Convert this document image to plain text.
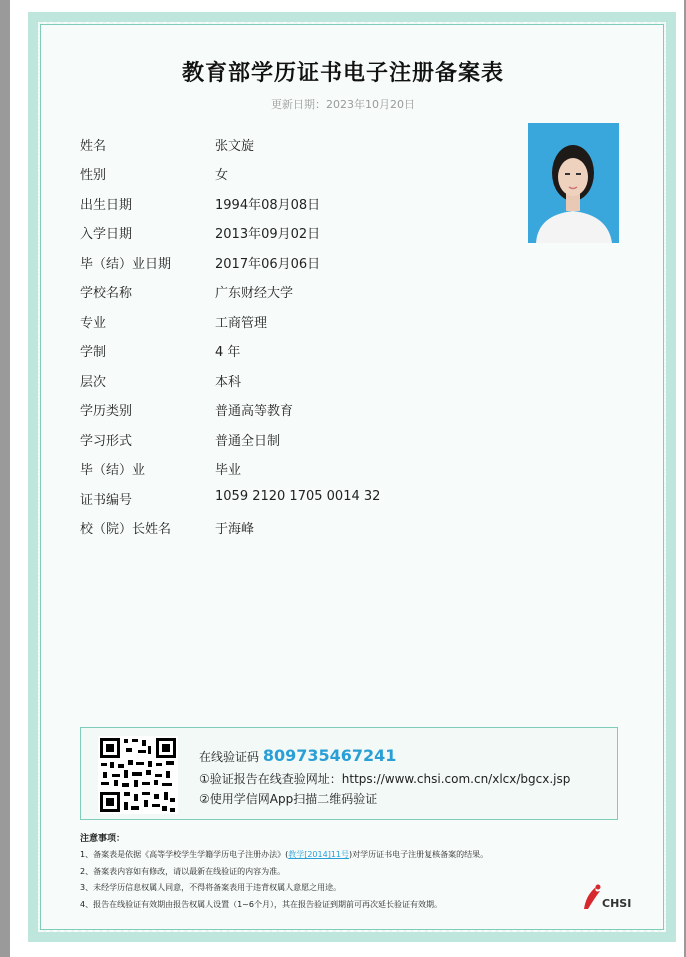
教育部学历证书电子注册备案表
更新日期：2023年10月20日
姓名	张文旋
性别	女
出生日期	1994年08月08日
入学日期	2013年09月02日
毕（结）业日期	2017年06月06日
学校名称	广东财经大学
专业	工商管理
学制	4 年
层次	本科
学历类别	普通高等教育
学习形式	普通全日制
毕（结）业	毕业
证书编号	1059 2120 1705 0014 32
校（院）长姓名	于海峰
在线验证码 809735467241
①验证报告在线查验网址：https://www.chsi.com.cn/xlcx/bgcx.jsp
②使用学信网App扫描二维码验证
注意事项：
1、备案表是依据《高等学校学生学籍学历电子注册办法》(教学[2014]11号)对学历证书电子注册复核备案的结果。
2、备案表内容如有修改，请以最新在线验证的内容为准。
3、未经学历信息权属人同意，不得将备案表用于违背权属人意愿之用途。
4、报告在线验证有效期由报告权属人设置（1~6个月），其在报告验证到期前可再次延长验证有效期。	CHSI
